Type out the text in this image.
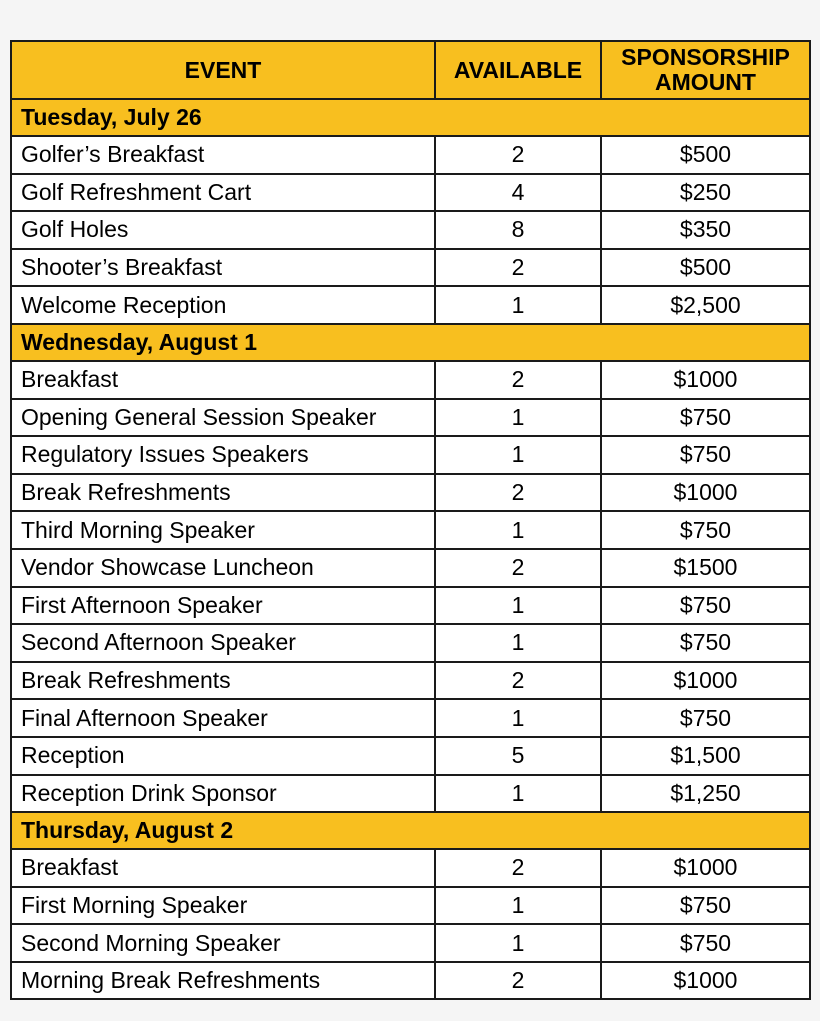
EVENT	AVAILABLE	SPONSORSHIP
AMOUNT
Tuesday, July 26		
Golfer’s Breakfast	2	$500
Golf Refreshment Cart	4	$250
Golf Holes	8	$350
Shooter’s Breakfast	2	$500
Welcome Reception	1	$2,500
Wednesday, August 1		
Breakfast	2	$1000
Opening General Session Speaker	1	$750
Regulatory Issues Speakers	1	$750
Break Refreshments	2	$1000
Third Morning Speaker	1	$750
Vendor Showcase Luncheon	2	$1500
First Afternoon Speaker	1	$750
Second Afternoon Speaker	1	$750
Break Refreshments	2	$1000
Final Afternoon Speaker	1	$750
Reception	5	$1,500
Reception Drink Sponsor	1	$1,250
Thursday, August 2		
Breakfast	2	$1000
First Morning Speaker	1	$750
Second Morning Speaker	1	$750
Morning Break Refreshments	2	$1000
